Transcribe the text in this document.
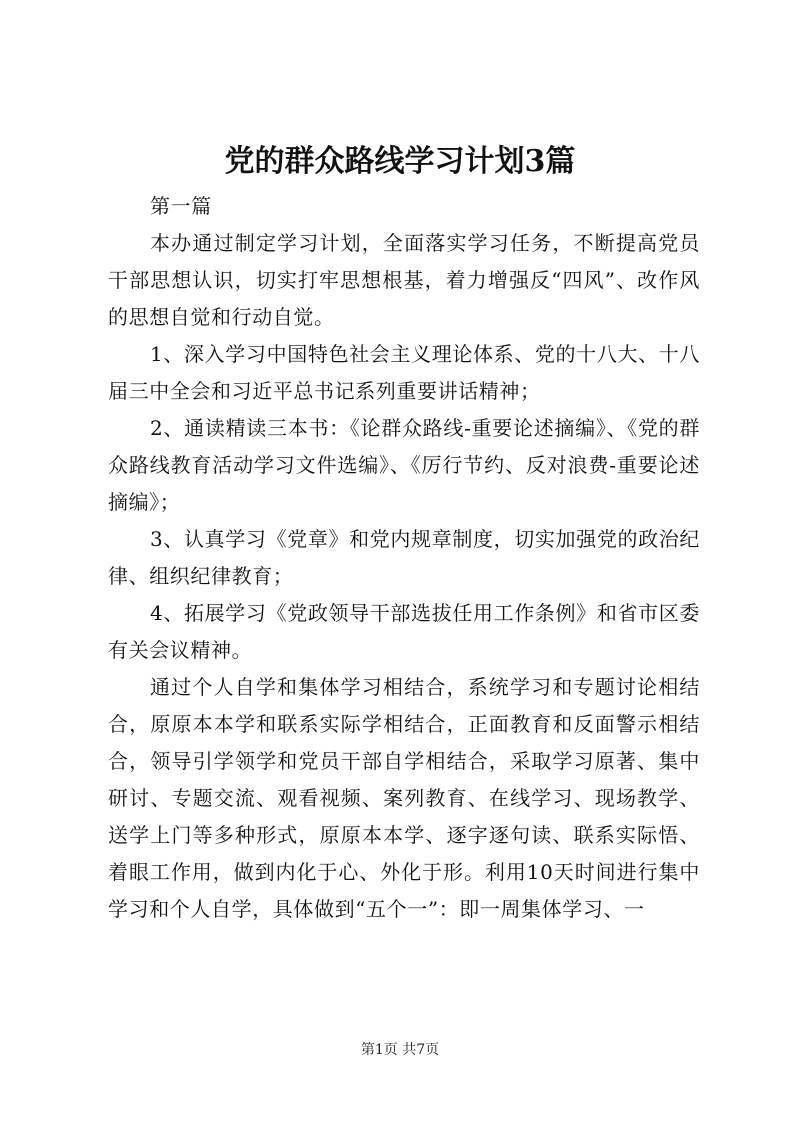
党的群众路线学习计划3篇

第一篇

本办通过制定学习计划，全面落实学习任务，不断提高党员干部思想认识，切实打牢思想根基，着力增强反“四风”、改作风的思想自觉和行动自觉。

1、深入学习中国特色社会主义理论体系、党的十八大、十八届三中全会和习近平总书记系列重要讲话精神；

2、通读精读三本书：《论群众路线-重要论述摘编》、《党的群众路线教育活动学习文件选编》、《厉行节约、反对浪费-重要论述摘编》；

3、认真学习《党章》和党内规章制度，切实加强党的政治纪律、组织纪律教育；

4、拓展学习《党政领导干部选拔任用工作条例》和省市区委有关会议精神。

通过个人自学和集体学习相结合，系统学习和专题讨论相结合，原原本本学和联系实际学相结合，正面教育和反面警示相结合，领导引学领学和党员干部自学相结合，采取学习原著、集中研讨、专题交流、观看视频、案列教育、在线学习、现场教学、送学上门等多种形式，原原本本学、逐字逐句读、联系实际悟、着眼工作用，做到内化于心、外化于形。利用10天时间进行集中学习和个人自学，具体做到“五个一”：即一周集体学习、一

第1页 共7页
